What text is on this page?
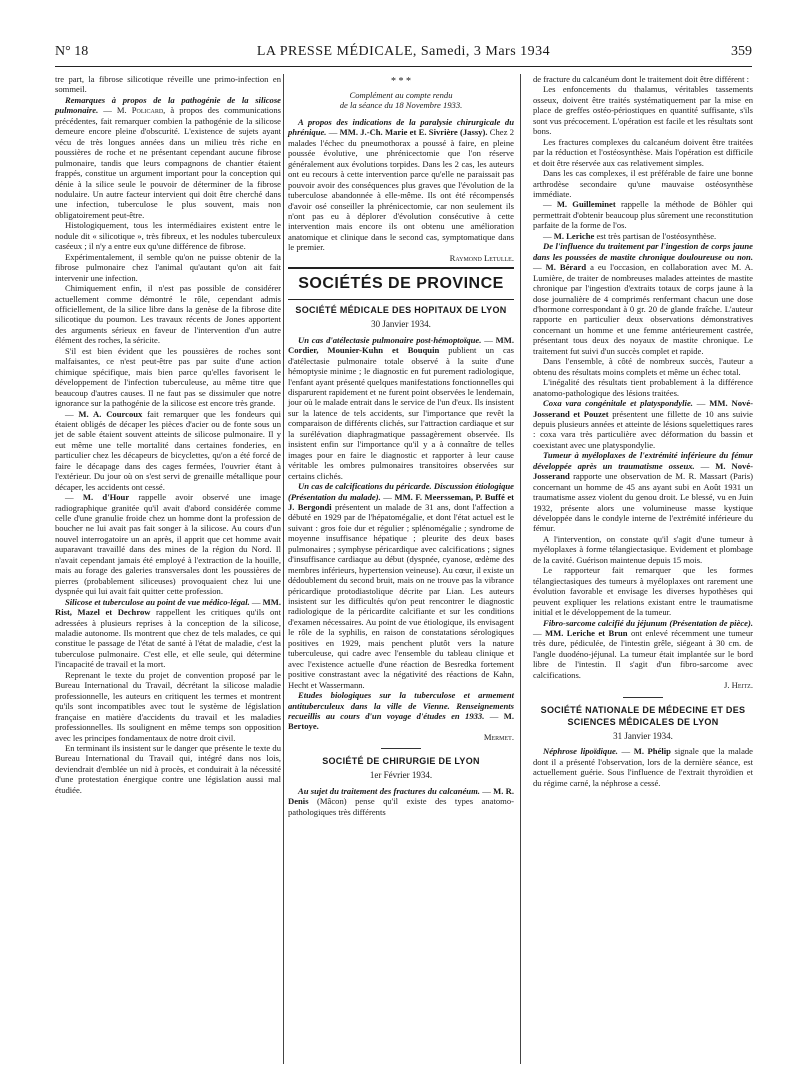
N° 18	LA PRESSE MÉDICALE, Samedi, 3 Mars 1934	359

tre part, la fibrose silicotique réveille une primo-infection en sommeil.

Remarques à propos de la pathogénie de la silicose pulmonaire. — M. Policard, à propos des communications précédentes, fait remarquer combien la pathogénie de la silicose demeure encore pleine d'obscurité. L'existence de sujets ayant vécu de très longues années dans un milieu très riche en poussières de roche et ne présentant cependant aucune fibrose pulmonaire, tandis que leurs compagnons de chantier étaient frappés, constitue un argument important pour la conception qui dénie à la silice seule le pouvoir de déterminer de la fibrose nodulaire. Un autre facteur intervient qui doit être cherché dans une infection, tuberculose le plus souvent, mais non obligatoirement peut-être.

Histologiquement, tous les intermédiaires existent entre le nodule dit « silicotique », très fibreux, et les nodules tuberculeux caséeux ; il n'y a entre eux qu'une différence de fibrose.

Expérimentalement, il semble qu'on ne puisse obtenir de la fibrose pulmonaire chez l'animal qu'autant qu'on ait fait intervenir une infection.

Chimiquement enfin, il n'est pas possible de considérer actuellement comme démontré le rôle, cependant admis officiellement, de la silice libre dans la genèse de la fibrose dite silicotique du poumon. Les travaux récents de Jones apportent des arguments sérieux en faveur de l'intervention d'un autre élément des roches, la séricite.

S'il est bien évident que les poussières de roches sont malfaisantes, ce n'est peut-être pas par suite d'une action chimique spécifique, mais bien parce qu'elles favorisent le développement de l'infection tuberculeuse, au même titre que beaucoup d'autres causes. Il ne faut pas se dissimuler que notre ignorance sur la pathogénie de la silicose est encore très grande.

— M. A. Courcoux fait remarquer que les fondeurs qui étaient obligés de décaper les pièces d'acier ou de fonte sous un jet de sable étaient souvent atteints de silicose pulmonaire. Il y eut même une telle mortalité dans certaines fonderies, en particulier chez les décapeurs de bicyclettes, qu'on a été forcé de faire le décapage dans des cages fermées, l'ouvrier étant à l'extérieur. Du jour où on s'est servi de grenaille métallique pour décaper, les accidents ont cessé.

— M. d'Hour rappelle avoir observé une image radiographique granitée qu'il avait d'abord considérée comme celle d'une granulie froide chez un homme dont la profession de boucher ne lui avait pas fait songer à la silicose. Au cours d'un nouvel interrogatoire un an après, il apprit que cet homme avait auparavant travaillé dans des mines de la région du Nord. Il n'avait cependant jamais été employé à l'extraction de la houille, mais au forage des galeries transversales dont les poussières de pierres (probablement siliceuses) provoquaient chez lui une dyspnée qui lui avait fait quitter cette profession.

Silicose et tuberculose au point de vue médico-légal. — MM. Rist, Mazel et Dechrow rappellent les critiques qu'ils ont adressées à plusieurs reprises à la conception de la silicose, maladie autonome. Ils montrent que chez de tels malades, ce qui constitue le passage de l'état de santé à l'état de maladie, c'est la tuberculose pulmonaire. C'est elle, et elle seule, qui détermine l'incapacité de travail et la mort.

Reprenant le texte du projet de convention proposé par le Bureau International du Travail, décrétant la silicose maladie professionnelle, les auteurs en critiquent les termes et montrent qu'ils sont incompatibles avec tout le système de législation française en matière d'accidents du travail et les maladies professionnelles. Ils soulignent en même temps son opposition avec les principes fondamentaux de notre droit civil.

En terminant ils insistent sur le danger que présente le texte du Bureau International du Travail qui, intégré dans nos lois, deviendrait d'emblée un nid à procès, et conduirait à la nécessité d'une protestation énergique contre une législation aussi mal étudiée.

* * *

Complément au compte rendu

de la séance du 18 Novembre 1933.

A propos des indications de la paralysie chirurgicale du phrénique. — MM. J.-Ch. Marie et E. Sivrière (Jassy). Chez 2 malades l'échec du pneumothorax a poussé à faire, en pleine poussée évolutive, une phrénicectomie que l'on réserve généralement aux évolutions torpides. Dans les 2 cas, les auteurs ont eu recours à cette intervention parce qu'elle ne paraissait pas pouvoir avoir des conséquences plus graves que l'évolution de la tuberculose abandonnée à elle-même. Ils ont été récompensés d'avoir osé conseiller la phrénicectomie, car non seulement ils n'ont pas eu à déplorer d'évolution consécutive à cette intervention mais encore ils ont obtenu une amélioration anatomique et clinique dans le second cas, symptomatique dans le premier.

Raymond Letulle.

SOCIÉTÉS DE PROVINCE
SOCIÉTÉ MÉDICALE DES HOPITAUX DE LYON
30 Janvier 1934.

Un cas d'atélectasie pulmonaire post-hémoptoïque. — MM. Cordier, Mounier-Kuhn et Bouquin publient un cas d'atélectasie pulmonaire totale observé à la suite d'une hémoptysie minime ; le diagnostic en fut purement radiologique, l'enfant ayant présenté quelques manifestations fonctionnelles qui disparurent rapidement et ne furent point observées le lendemain, jour où le malade entrait dans le service de l'un d'eux. Ils insistent sur la latence de tels accidents, sur l'importance que revêt la comparaison de différents clichés, sur l'attraction cardiaque et sur la surélévation diaphragmatique passagèrement observée. Ils insistent enfin sur l'importance qu'il y a à connaître de telles images pour en faire le diagnostic et rapporter à leur cause véritable les ombres pulmonaires transitoires observées sur certains clichés.

Un cas de calcifications du péricarde. Discussion étiologique (Présentation du malade). — MM. F. Meersseman, P. Buffé et J. Bergondi présentent un malade de 31 ans, dont l'affection a débuté en 1929 par de l'hépatomégalie, et dont l'état actuel est le suivant : gros foie dur et régulier ; splénomégalie ; syndrome de moyenne insuffisance hépatique ; pleurite des deux bases pulmonaires ; symphyse péricardique avec calcifications ; signes d'insuffisance cardiaque au début (dyspnée, cyanose, œdème des membres inférieurs, hypertension veineuse). Au cœur, il existe un dédoublement du second bruit, mais on ne trouve pas la vibrance péricardique protodiastolique décrite par Lian. Les auteurs insistent sur les difficultés qu'on peut rencontrer le diagnostic radiologique de la péricardite calcifiante et sur les conditions d'examen nécessaires. Au point de vue étiologique, ils envisagent le rôle de la syphilis, en raison de constatations sérologiques positives en 1929, mais penchent plutôt vers la nature tuberculeuse, qui cadre avec l'ensemble du tableau clinique et avec l'existence actuelle d'une réaction de Besredka fortement positive constrastant avec la négativité des réactions de Kahn, Hecht et Wassermann.

Etudes biologiques sur la tuberculose et armement antituberculeux dans la ville de Vienne. Renseignements recueillis au cours d'un voyage d'études en 1933. — M. Bertoye.

Mermet.

SOCIÉTÉ DE CHIRURGIE DE LYON
1er Février 1934.

Au sujet du traitement des fractures du calcanéum. — M. R. Denis (Mâcon) pense qu'il existe des types anatomo-pathologiques très différents

de fracture du calcanéum dont le traitement doit être différent :

Les enfoncements du thalamus, véritables tassements osseux, doivent être traités systématiquement par la mise en place de greffes ostéo-périostiques en quantité suffisante, s'ils sont vus précocement. L'opération est facile et les résultats sont bons.

Les fractures complexes du calcanéum doivent être traitées par la réduction et l'ostéosynthèse. Mais l'opération est difficile et doit être réservée aux cas relativement simples.

Dans les cas complexes, il est préférable de faire une bonne arthrodèse secondaire qu'une mauvaise ostéosynthèse immédiate.

— M. Guilleminet rappelle la méthode de Böhler qui permettrait d'obtenir beaucoup plus sûrement une reconstitution parfaite de la forme de l'os.

— M. Leriche est très partisan de l'ostéosynthèse.

De l'influence du traitement par l'ingestion de corps jaune dans les poussées de mastite chronique douloureuse ou non. — M. Bérard a eu l'occasion, en collaboration avec M. A. Lumière, de traiter de nombreuses malades atteintes de mastite chronique par l'ingestion d'extraits totaux de corps jaune à la dose journalière de 4 comprimés renfermant chacun une dose d'hormone correspondant à 0 gr. 20 de glande fraîche. L'auteur rapporte en particulier deux observations démonstratives concernant un homme et une femme antérieurement castrée, présentant tous deux des noyaux de mastite chronique. Le traitement fut suivi d'un succès complet et rapide.

Dans l'ensemble, à côté de nombreux succès, l'auteur a obtenu des résultats moins complets et même un échec total.

L'inégalité des résultats tient probablement à la différence anatomo-pathologique des lésions traitées.

Coxa vara congénitale et platyspondylie. — MM. Nové-Josserand et Pouzet présentent une fillette de 10 ans suivie depuis plusieurs années et atteinte de lésions squelettiques rares : coxa vara très particulière avec déformation du bassin et coexistant avec une platyspondylie.

Tumeur à myéloplaxes de l'extrémité inférieure du fémur développée après un traumatisme osseux. — M. Nové-Josserand rapporte une observation de M. R. Massart (Paris) concernant un homme de 45 ans ayant subi en Août 1931 un traumatisme assez violent du genou droit. Le blessé, vu en Juin 1932, présente alors une volumineuse masse kystique développée dans le condyle interne de l'extrémité inférieure du fémur.

A l'intervention, on constate qu'il s'agit d'une tumeur à myéloplaxes à forme télangiectasique. Evidement et plombage de la cavité. Guérison maintenue depuis 15 mois.

Le rapporteur fait remarquer que les formes télangiectasiques des tumeurs à myéloplaxes ont rarement une évolution favorable et envisage les diverses hypothèses qui peuvent expliquer les relations existant entre le traumatisme initial et le développement de la tumeur.

Fibro-sarcome calcifié du jéjunum (Présentation de pièce). — MM. Leriche et Brun ont enlevé récemment une tumeur très dure, pédiculée, de l'intestin grêle, siégeant à 30 cm. de l'angle duodéno-jéjunal. La tumeur était implantée sur le bord libre de l'intestin. Il s'agit d'un fibro-sarcome avec calcifications.

J. Heitz.

SOCIÉTÉ NATIONALE DE MÉDECINE ET DES SCIENCES MÉDICALES DE LYON
31 Janvier 1934.

Néphrose lipoïdique. — M. Phélip signale que la malade dont il a présenté l'observation, lors de la dernière séance, est actuellement guérie. Sous l'influence de l'extrait thyroïdien et du régime carné, la néphrose a cessé.
